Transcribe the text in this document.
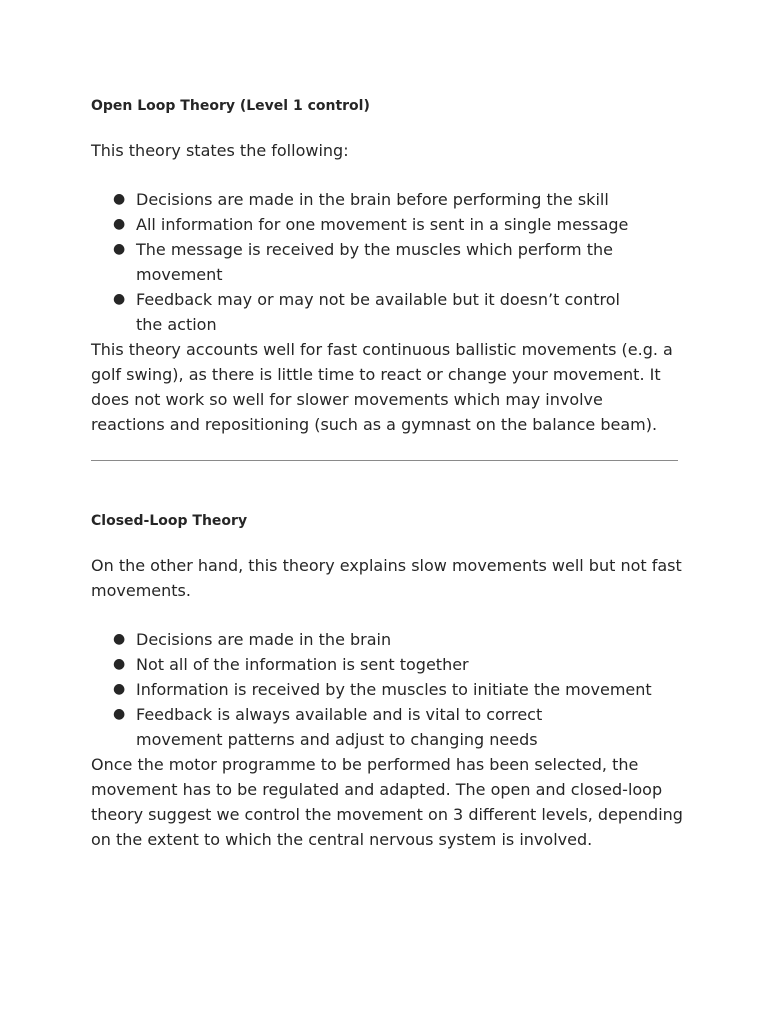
Open Loop Theory (Level 1 control)

This theory states the following:

● Decisions are made in the brain before performing the skill
● All information for one movement is sent in a single message
● The message is received by the muscles which perform the movement
● Feedback may or may not be available but it doesn’t control the action

This theory accounts well for fast continuous ballistic movements (e.g. a golf swing), as there is little time to react or change your movement. It does not work so well for slower movements which may involve reactions and repositioning (such as a gymnast on the balance beam).

Closed-Loop Theory

On the other hand, this theory explains slow movements well but not fast movements.

● Decisions are made in the brain
● Not all of the information is sent together
● Information is received by the muscles to initiate the movement
● Feedback is always available and is vital to correct movement patterns and adjust to changing needs

Once the motor programme to be performed has been selected, the movement has to be regulated and adapted. The open and closed-loop theory suggest we control the movement on 3 different levels, depending on the extent to which the central nervous system is involved.
